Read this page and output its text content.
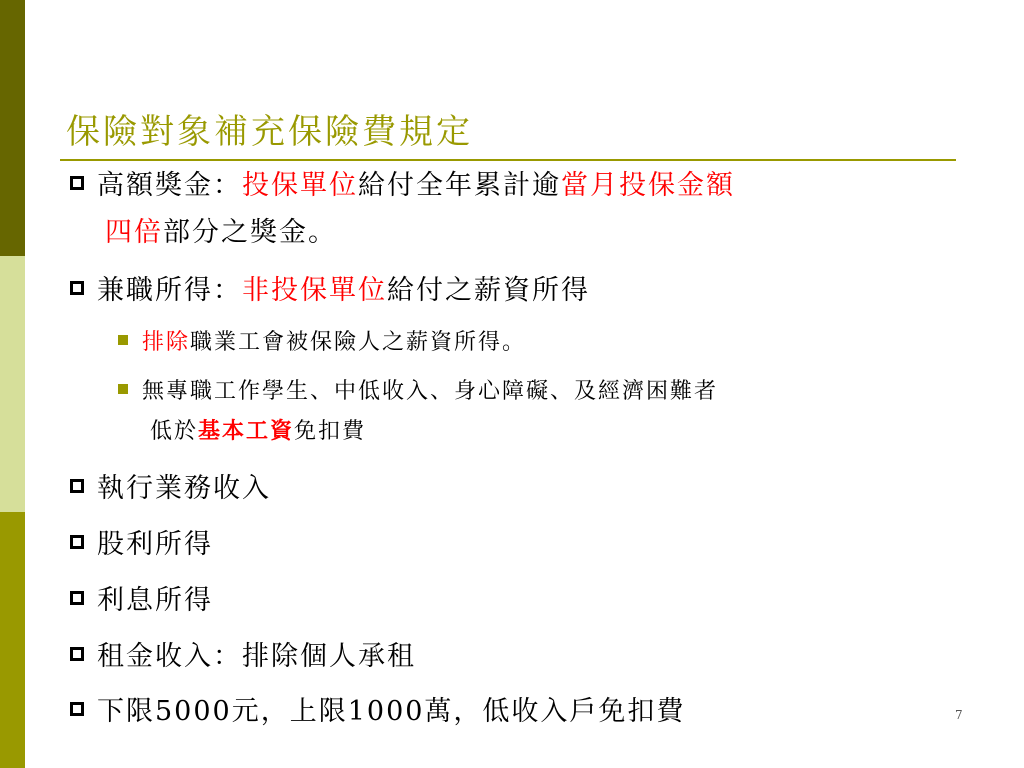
保險對象補充保險費規定
高額獎金：投保單位給付全年累計逾當月投保金額
四倍部分之獎金。
兼職所得：非投保單位給付之薪資所得
排除職業工會被保險人之薪資所得。
無專職工作學生、中低收入、身心障礙、及經濟困難者
低於基本工資免扣費
執行業務收入
股利所得
利息所得
租金收入：排除個人承租
下限5000元，上限1000萬，低收入戶免扣費	7
